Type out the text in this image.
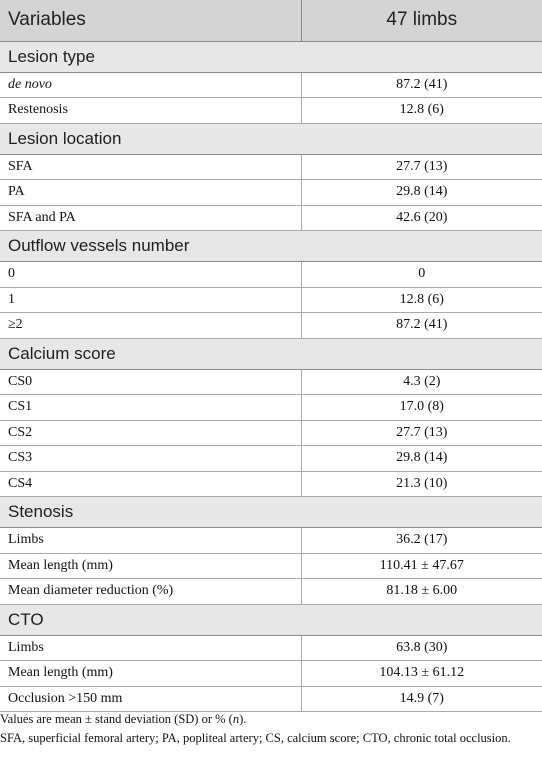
Variables	47 limbs
Lesion type	
de novo	87.2 (41)
Restenosis	12.8 (6)
Lesion location	
SFA	27.7 (13)
PA	29.8 (14)
SFA and PA	42.6 (20)
Outflow vessels number	
0	0
1	12.8 (6)
≥2	87.2 (41)
Calcium score	
CS0	4.3 (2)
CS1	17.0 (8)
CS2	27.7 (13)
CS3	29.8 (14)
CS4	21.3 (10)
Stenosis	
Limbs	36.2 (17)
Mean length (mm)	110.41 ± 47.67
Mean diameter reduction (%)	81.18 ± 6.00
CTO	
Limbs	63.8 (30)
Mean length (mm)	104.13 ± 61.12
Occlusion >150 mm	14.9 (7)
Values are mean ± stand deviation (SD) or % (n).
SFA, superficial femoral artery; PA, popliteal artery; CS, calcium score; CTO, chronic total occlusion.
